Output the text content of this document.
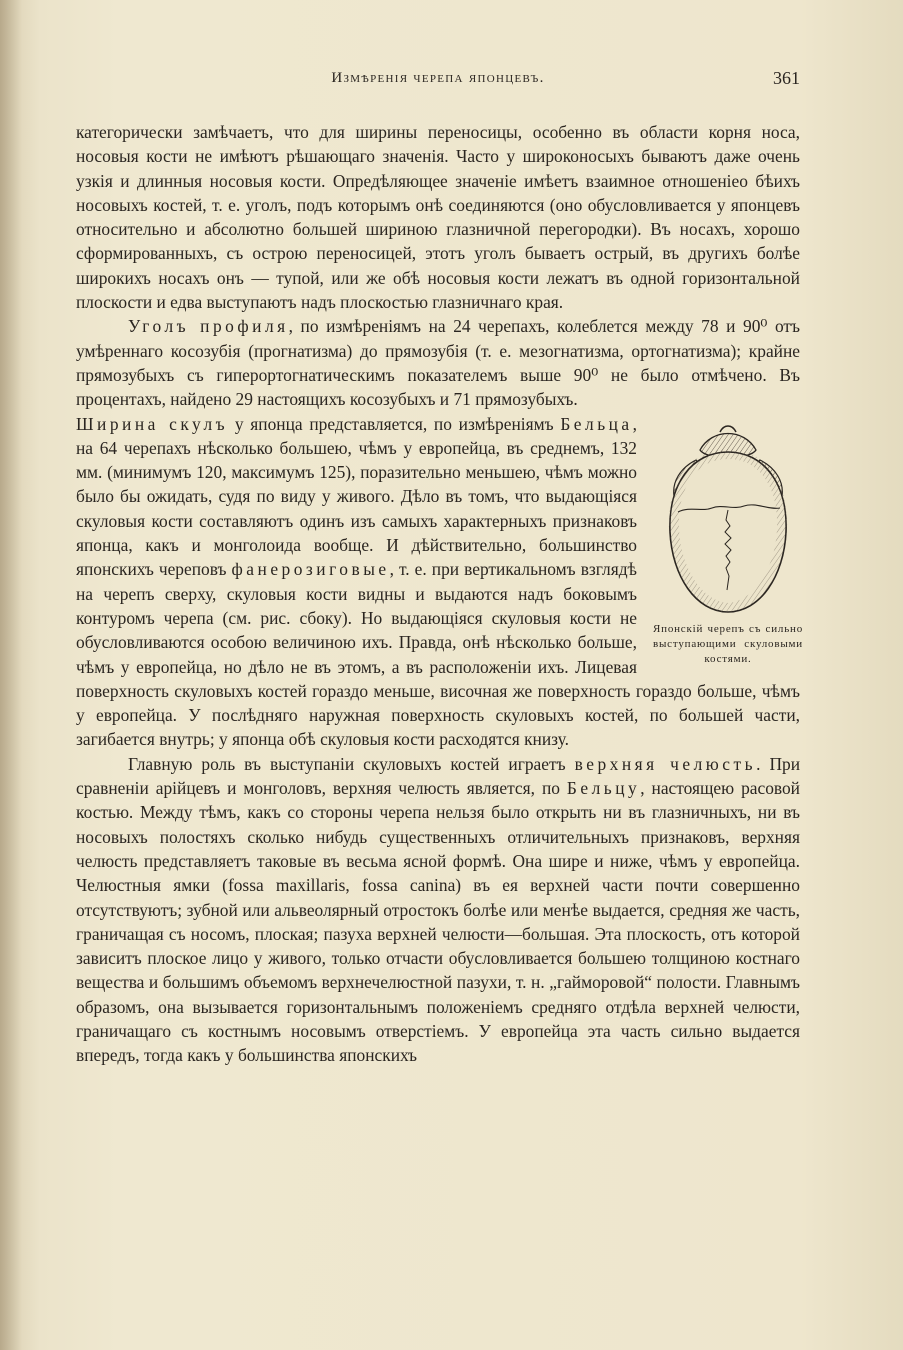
Измѣренія черепа японцевъ.	361

категорически замѣчаетъ, что для ширины переносицы, особенно въ области корня носа, носовыя кости не имѣютъ рѣшающаго значенія. Часто у широконосыхъ бываютъ даже очень узкія и длинныя носовыя кости. Опредѣляющее значеніе имѣетъ взаимное отношеніеo бѣихъ носовыхъ костей, т. е. уголъ, подъ которымъ онѣ соединяются (оно обусловливается у японцевъ относительно и абсолютно большей шириною глазничной перегородки). Въ носахъ, хорошо сформированныхъ, съ острою переносицей, этотъ уголъ бываетъ острый, въ другихъ болѣе широкихъ носахъ онъ — тупой, или же обѣ носовыя кости лежатъ въ одной горизонтальной плоскости и едва выступаютъ надъ плоскостью глазничнаго края.

Уголъ профиля, по измѣреніямъ на 24 черепахъ, колеблется между 78 и 90⁰ отъ умѣреннаго косозубія (прогнатизма) до прямозубія (т. е. мезогнатизма, ортогнатизма); крайне прямозубыхъ съ гиперортогнатическимъ показателемъ выше 90⁰ не было отмѣчено. Въ процентахъ, найдено 29 настоящихъ косозубыхъ и 71 прямозубыхъ.

Японскій черепъ съ сильно выступающими скуловыми костями.

Ширина скулъ у японца представляется, по измѣреніямъ Бельца, на 64 черепахъ нѣсколько большею, чѣмъ у европейца, въ среднемъ, 132 мм. (минимумъ 120, максимумъ 125), поразительно меньшею, чѣмъ можно было бы ожидать, судя по виду у живого. Дѣло въ томъ, что выдающіяся скуловыя кости составляютъ одинъ изъ самыхъ характерныхъ признаковъ японца, какъ и монголоида вообще. И дѣйствительно, большинство японскихъ череповъ фанерозиговые, т. е. при вертикальномъ взглядѣ на черепъ сверху, скуловыя кости видны и выдаются надъ боковымъ контуромъ черепа (см. рис. сбоку). Но выдающіяся скуловыя кости не обусловливаются особою величиною ихъ. Правда, онѣ нѣсколько больше, чѣмъ у европейца, но дѣло не въ этомъ, а въ расположеніи ихъ. Лицевая поверхность скуловыхъ костей гораздо меньше, височная же поверхность гораздо больше, чѣмъ у европейца. У послѣдняго наружная поверхность скуловыхъ костей, по большей части, загибается внутрь; у японца обѣ скуловыя кости расходятся книзу.

Главную роль въ выступаніи скуловыхъ костей играетъ верхняя челюсть. При сравненіи арійцевъ и монголовъ, верхняя челюсть является, по Бельцу, настоящею расовой костью. Между тѣмъ, какъ со стороны черепа нельзя было открыть ни въ глазничныхъ, ни въ носовыхъ полостяхъ сколько нибудь существенныхъ отличительныхъ признаковъ, верхняя челюсть представляетъ таковые въ весьма ясной формѣ. Она шире и ниже, чѣмъ у европейца. Челюстныя ямки (fossa maxillaris, fossa canina) въ ея верхней части почти совершенно отсутствуютъ; зубной или альвеолярный отростокъ болѣе или менѣе выдается, средняя же часть, граничащая съ носомъ, плоская; пазуха верхней челюсти—большая. Эта плоскость, отъ которой зависитъ плоское лицо у живого, только отчасти обусловливается большею толщиною костнаго вещества и большимъ объемомъ верхнечелюстной пазухи, т. н. „гайморовой“ полости. Главнымъ образомъ, она вызывается горизонтальнымъ положеніемъ средняго отдѣла верхней челюсти, граничащаго съ костнымъ носовымъ отверстіемъ. У европейца эта часть сильно выдается впередъ, тогда какъ у большинства японскихъ
